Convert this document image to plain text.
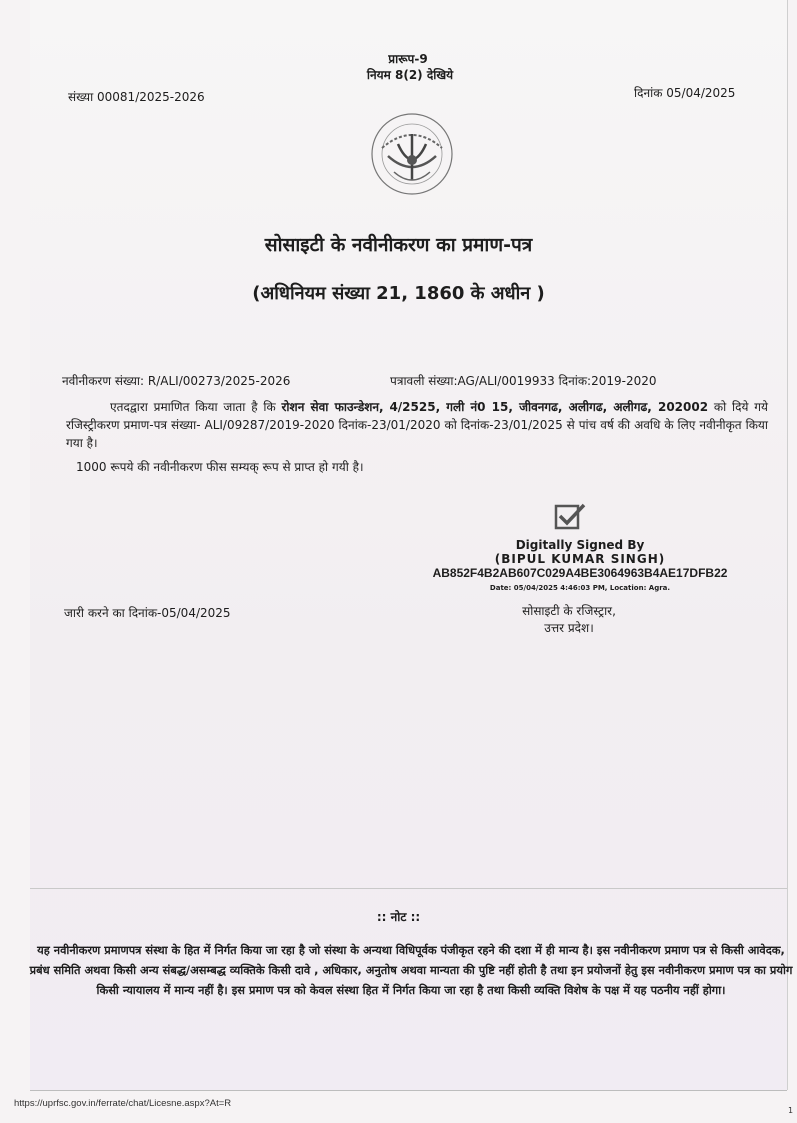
प्रारूप-9
नियम 8(2) देखिये
संख्या 00081/2025-2026	दिनांक 05/04/2025
सोसाइटी के नवीनीकरण का प्रमाण-पत्र
(अधिनियम संख्या 21, 1860 के अधीन )
नवीनीकरण संख्या: R/ALI/00273/2025-2026	पत्रावली संख्या:AG/ALI/0019933 दिनांक:2019-2020
एतदद्वारा प्रमाणित किया जाता है कि रोशन सेवा फाउन्डेशन, 4/2525, गली नं0 15, जीवनगढ, अलीगढ, अलीगढ, 202002 को दिये गये रजिस्ट्रीकरण प्रमाण-पत्र संख्या- ALI/09287/2019-2020 दिनांक-23/01/2020 को दिनांक-23/01/2025 से पांच वर्ष की अवधि के लिए नवीनीकृत किया गया है।
1000 रूपये की नवीनीकरण फीस सम्यक् रूप से प्राप्त हो गयी है।
Digitally Signed By
(BIPUL KUMAR SINGH)
AB852F4B2AB607C029A4BE3064963B4AE17DFB22
Date: 05/04/2025 4:46:03 PM, Location: Agra.
जारी करने का दिनांक-05/04/2025	सोसाइटी के रजिस्ट्रार,
उत्तर प्रदेश।
:: नोट ::
यह नवीनीकरण प्रमाणपत्र संस्था के हित में निर्गत किया जा रहा है जो संस्था के अन्यथा विधिपूर्वक पंजीकृत रहने की दशा में ही मान्य है। इस नवीनीकरण प्रमाण पत्र से किसी आवेदक, प्रबंध समिति अथवा किसी अन्य संबद्ध/असम्बद्ध व्यक्तिके किसी दावे , अधिकार, अनुतोष अथवा मान्यता की पुष्टि नहीं होती है तथा इन प्रयोजनों हेतु इस नवीनीकरण प्रमाण पत्र का प्रयोग किसी न्यायालय में मान्य नहीं है। इस प्रमाण पत्र को केवल संस्था हित में निर्गत किया जा रहा है तथा किसी व्यक्ति विशेष के पक्ष में यह पठनीय नहीं होगा।
https://uprfsc.gov.in/ferrate/chat/Licesne.aspx?At=R
1
